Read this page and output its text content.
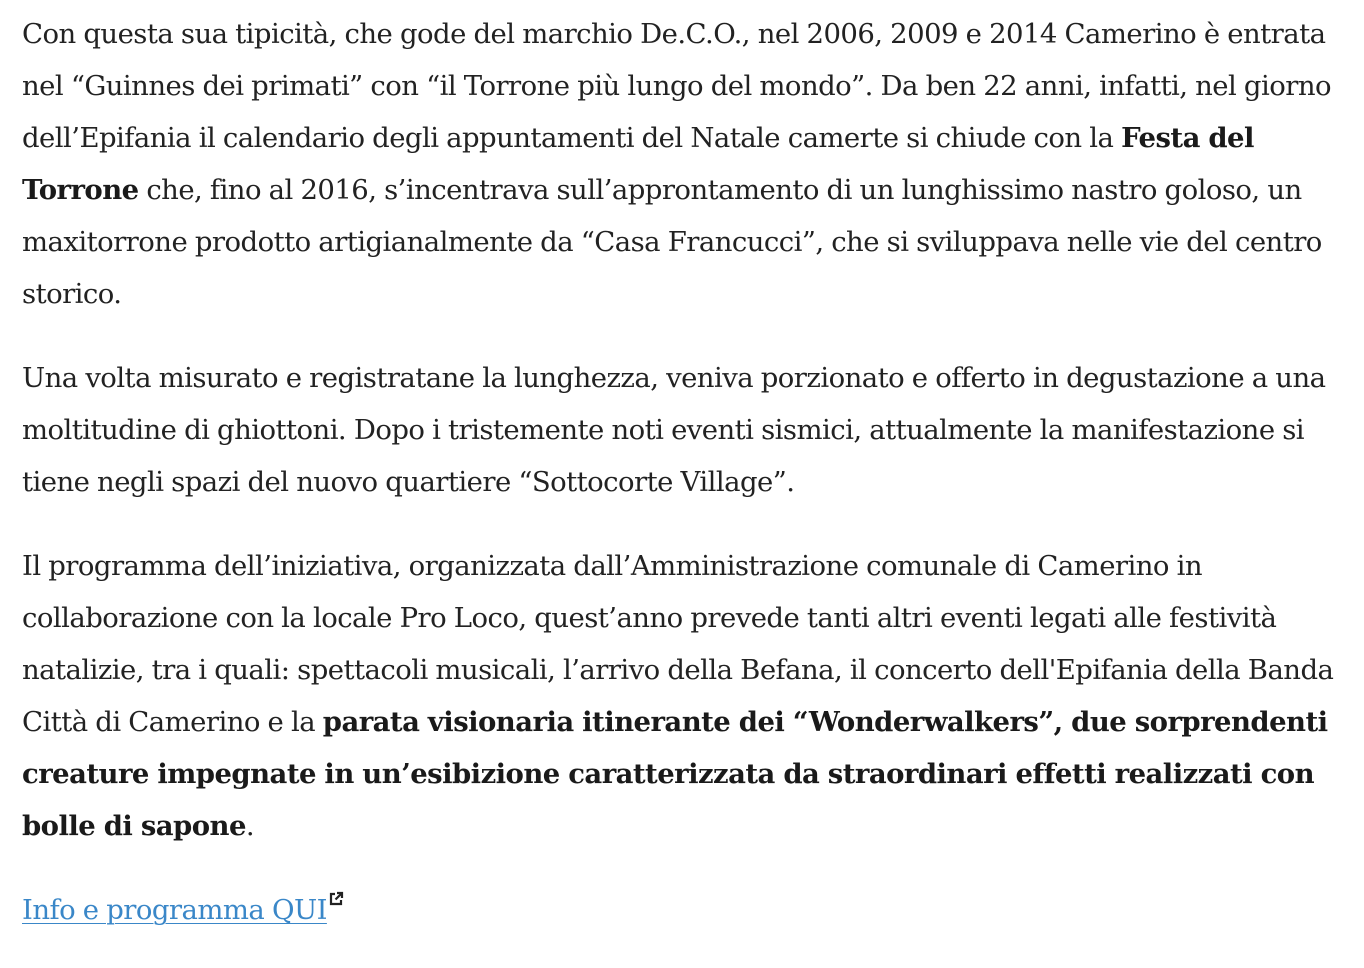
Con questa sua tipicità, che gode del marchio De.C.O., nel 2006, 2009 e 2014 Camerino è entrata nel “Guinnes dei primati” con “il Torrone più lungo del mondo”. Da ben 22 anni, infatti, nel giorno dell’Epifania il calendario degli appuntamenti del Natale camerte si chiude con la Festa del Torrone che, fino al 2016, s’incentrava sull’approntamento di un lunghissimo nastro goloso, un maxitorrone prodotto artigianalmente da “Casa Francucci”, che si sviluppava nelle vie del centro storico.

Una volta misurato e registratane la lunghezza, veniva porzionato e offerto in degustazione a una moltitudine di ghiottoni. Dopo i tristemente noti eventi sismici, attualmente la manifestazione si tiene negli spazi del nuovo quartiere “Sottocorte Village”.

Il programma dell’iniziativa, organizzata dall’Amministrazione comunale di Camerino in collaborazione con la locale Pro Loco, quest’anno prevede tanti altri eventi legati alle festività natalizie, tra i quali: spettacoli musicali, l’arrivo della Befana, il concerto dell'Epifania della Banda Città di Camerino e la parata visionaria itinerante dei “Wonderwalkers”, due sorprendenti creature impegnate in un’esibizione caratterizzata da straordinari effetti realizzati con bolle di sapone.

Info e programma QUI
